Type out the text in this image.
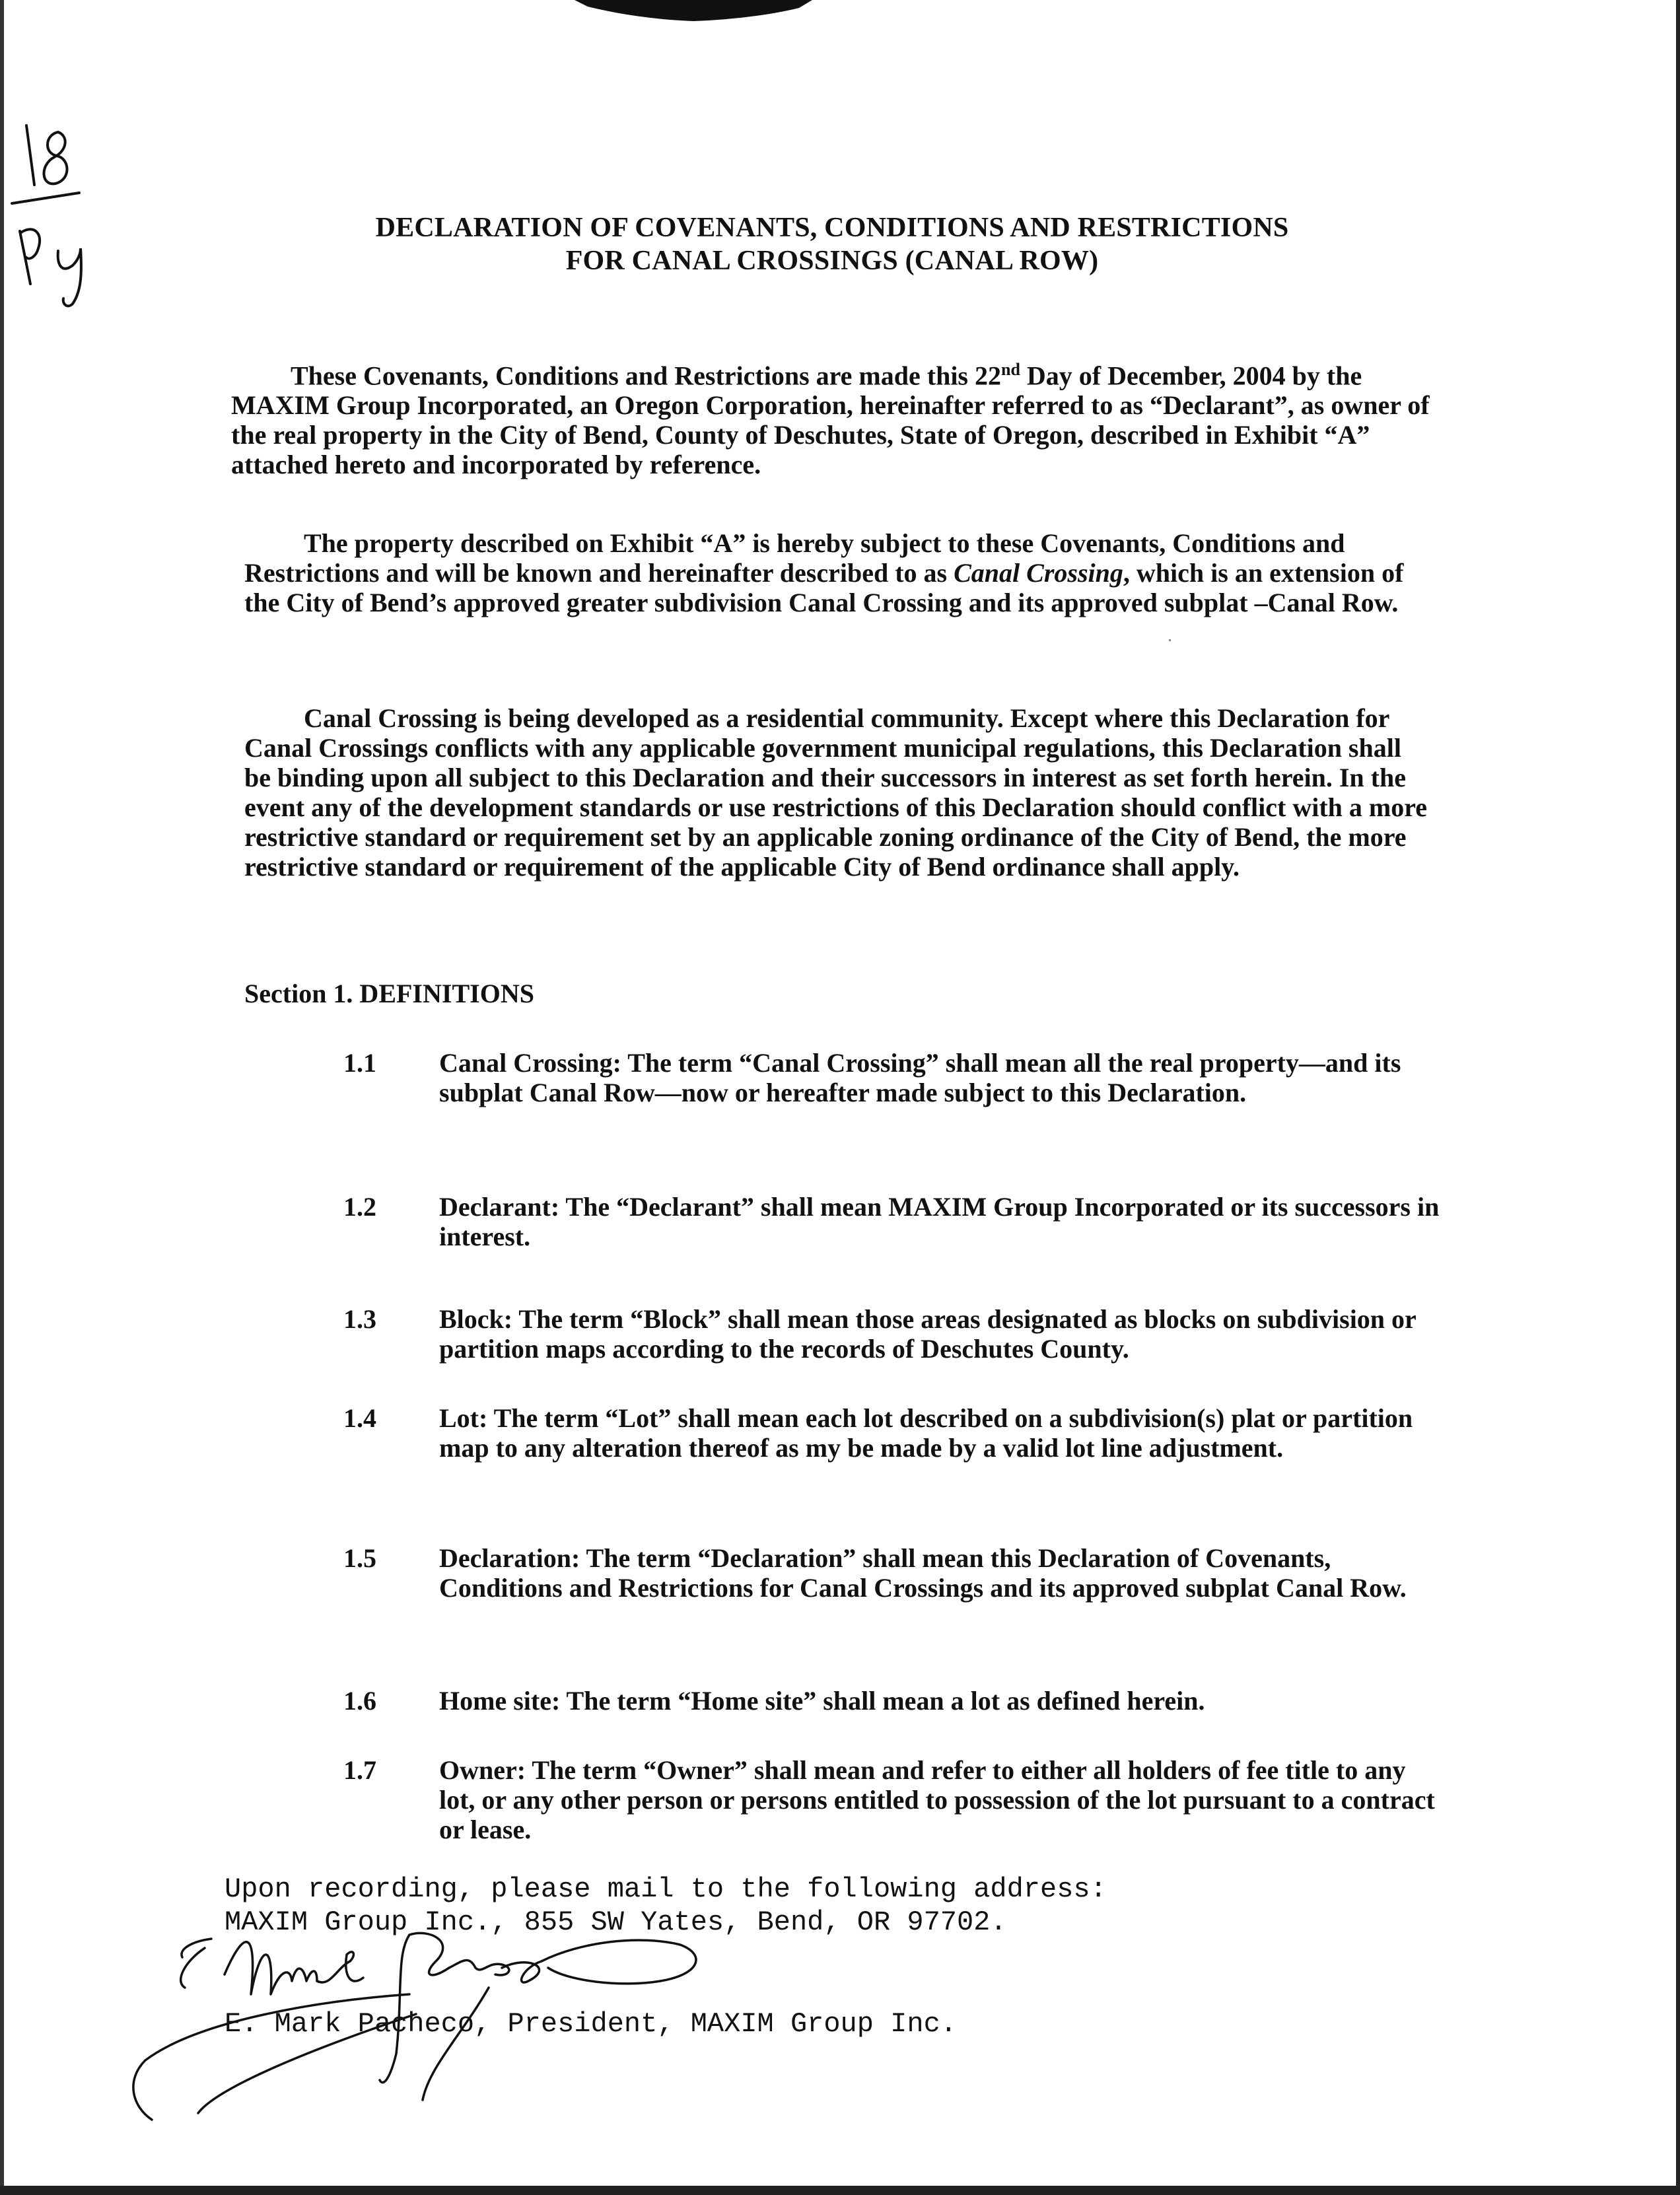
DECLARATION OF COVENANTS, CONDITIONS AND RESTRICTIONS
FOR CANAL CROSSINGS (CANAL ROW)

These Covenants, Conditions and Restrictions are made this 22nd Day of December, 2004 by the MAXIM Group Incorporated, an Oregon Corporation, hereinafter referred to as “Declarant”, as owner of the real property in the City of Bend, County of Deschutes, State of Oregon, described in Exhibit “A” attached hereto and incorporated by reference.

The property described on Exhibit “A” is hereby subject to these Covenants, Conditions and Restrictions and will be known and hereinafter described to as Canal Crossing, which is an extension of the City of Bend’s approved greater subdivision Canal Crossing and its approved subplat –Canal Row.

Canal Crossing is being developed as a residential community. Except where this Declaration for Canal Crossings conflicts with any applicable government municipal regulations, this Declaration shall be binding upon all subject to this Declaration and their successors in interest as set forth herein. In the event any of the development standards or use restrictions of this Declaration should conflict with a more restrictive standard or requirement set by an applicable zoning ordinance of the City of Bend, the more restrictive standard or requirement of the applicable City of Bend ordinance shall apply.

Section 1. DEFINITIONS
1.1	Canal Crossing: The term “Canal Crossing” shall mean all the real property—and its subplat Canal Row—now or hereafter made subject to this Declaration.
1.2	Declarant: The “Declarant” shall mean MAXIM Group Incorporated or its successors in interest.
1.3	Block: The term “Block” shall mean those areas designated as blocks on subdivision or partition maps according to the records of Deschutes County.
1.4	Lot: The term “Lot” shall mean each lot described on a subdivision(s) plat or partition map to any alteration thereof as my be made by a valid lot line adjustment.
1.5	Declaration: The term “Declaration” shall mean this Declaration of Covenants, Conditions and Restrictions for Canal Crossings and its approved subplat Canal Row.
1.6	Home site: The term “Home site” shall mean a lot as defined herein.
1.7	Owner: The term “Owner” shall mean and refer to either all holders of fee title to any lot, or any other person or persons entitled to possession of the lot pursuant to a contract or lease.
Upon recording, please mail to the following address:
MAXIM Group Inc., 855 SW Yates, Bend, OR 97702.
E. Mark Pacheco, President, MAXIM Group Inc.
